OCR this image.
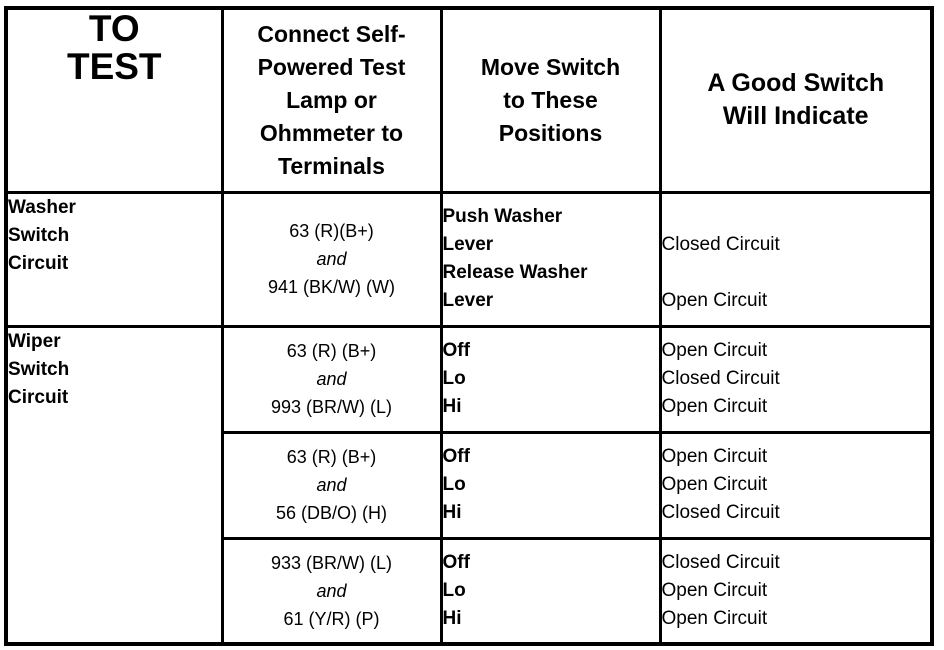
TO
TEST	Connect Self-
Powered Test
Lamp or
Ohmmeter to
Terminals	Move Switch
to These
Positions	A Good Switch
Will Indicate

Washer
Switch
Circuit	63 (R)(B+)
and
941 (BK/W) (W)	Push Washer
Lever
Release Washer
Lever	Closed Circuit
Open Circuit

Wiper
Switch
Circuit	63 (R) (B+)
and
993 (BR/W) (L)	Off
Lo
Hi	Open Circuit
Closed Circuit
Open Circuit

	63 (R) (B+)
and
56 (DB/O) (H)	Off
Lo
Hi	Open Circuit
Open Circuit
Closed Circuit

	933 (BR/W) (L)
and
61 (Y/R) (P)	Off
Lo
Hi	Closed Circuit
Open Circuit
Open Circuit
